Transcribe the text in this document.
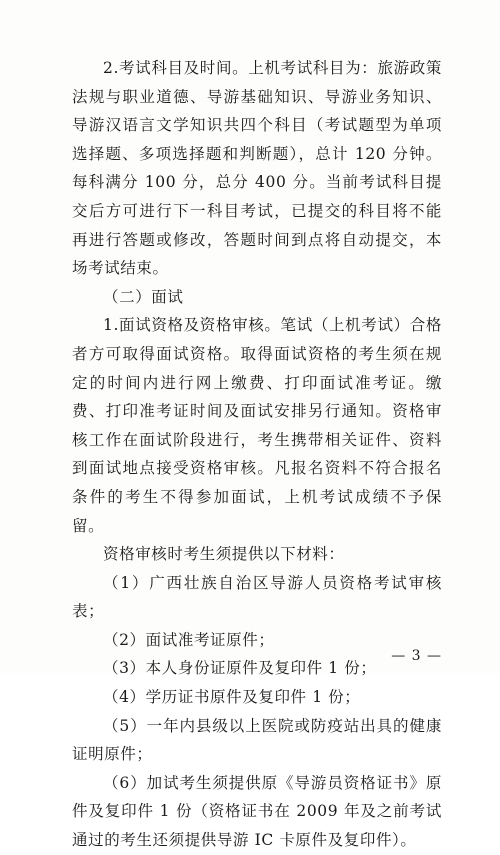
2.考试科目及时间。上机考试科目为：旅游政策法规与职业道德、导游基础知识、导游业务知识、导游汉语言文学知识共四个科目（考试题型为单项选择题、多项选择题和判断题），总计 120 分钟。每科满分 100 分，总分 400 分。当前考试科目提交后方可进行下一科目考试，已提交的科目将不能再进行答题或修改，答题时间到点将自动提交，本场考试结束。

（二）面试

1.面试资格及资格审核。笔试（上机考试）合格者方可取得面试资格。取得面试资格的考生须在规定的时间内进行网上缴费、打印面试准考证。缴费、打印准考证时间及面试安排另行通知。资格审核工作在面试阶段进行，考生携带相关证件、资料到面试地点接受资格审核。凡报名资料不符合报名条件的考生不得参加面试，上机考试成绩不予保留。

资格审核时考生须提供以下材料：

（1）广西壮族自治区导游人员资格考试审核表；

（2）面试准考证原件；

（3）本人身份证原件及复印件 1 份；

（4）学历证书原件及复印件 1 份；

（5）一年内县级以上医院或防疫站出具的健康证明原件；

（6）加试考生须提供原《导游员资格证书》原件及复印件 1 份（资格证书在 2009 年及之前考试通过的考生还须提供导游 IC 卡原件及复印件）。

— 3 —
